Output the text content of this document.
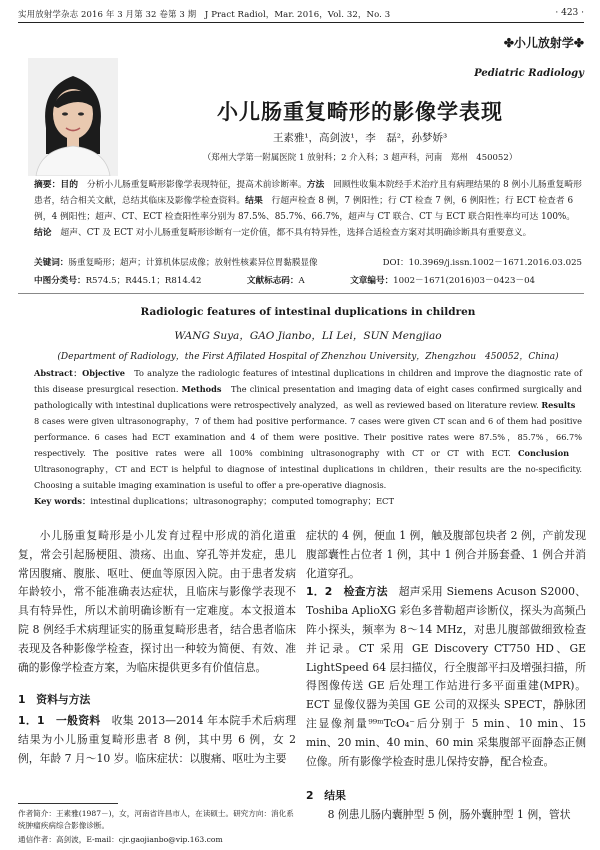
实用放射学杂志 2016 年 3 月第 32 卷第 3 期　J Pract Radiol，Mar. 2016，Vol. 32，No. 3	· 423 ·
✤小儿放射学✤
Pediatric Radiology
小儿肠重复畸形的影像学表现
王素雅¹，高剑波¹，李　磊²，孙梦娇³
（郑州大学第一附属医院 1 放射科；2 介入科；3 超声科，河南　郑州　450052）
摘要：目的　分析小儿肠重复畸形影像学表现特征，提高术前诊断率。方法　回顾性收集本院经手术治疗且有病理结果的 8 例小儿肠重复畸形患者，结合相关文献，总结其临床及影像学检查资料。结果　行超声检查 8 例，7 例阳性；行 CT 检查 7 例，6 例阳性；行 ECT 检查者 6 例，4 例阳性；超声、CT、ECT 检查阳性率分别为 87.5%、85.7%、66.7%，超声与 CT 联合、CT 与 ECT 联合阳性率均可达 100%。结论　超声、CT 及 ECT 对小儿肠重复畸形诊断有一定价值，都不具有特异性，选择合适检查方案对其明确诊断具有重要意义。
关键词：肠重复畸形；超声；计算机体层成像；放射性核素异位胃黏膜显像	DOI：10.3969/j.issn.1002－1671.2016.03.025
中图分类号：R574.5；R445.1；R814.42	文献标志码：A	文章编号：1002－1671(2016)03－0423－04
Radiologic features of intestinal duplications in children
WANG Suya，GAO Jianbo，LI Lei，SUN Mengjiao
(Department of Radiology，the First Affilated Hospital of Zhenzhou University，Zhengzhou　450052，China)
Abstract：Objective　To analyze the radiologic features of intestinal duplications in children and improve the diagnostic rate of this disease presurgical resection. Methods　The clinical presentation and imaging data of eight cases confirmed surgically and pathologically with intestinal duplications were retrospectively analyzed，as well as reviewed based on literature review. Results　8 cases were given ultrasonography，7 of them had positive performance. 7 cases were given CT scan and 6 of them had positive performance. 6 cases had ECT examination and 4 of them were positive. Their positive rates were 87.5%，85.7%，66.7% respectively. The positive rates were all 100% combining ultrasonography with CT or CT with ECT. Conclusion　Ultrasonography，CT and ECT is helpful to diagnose of intestinal duplications in children，their results are the no-specificity. Choosing a suitable imaging examination is useful to offer a pre-operative diagnosis.
Key words：intestinal duplications；ultrasonography；computed tomography；ECT

小儿肠重复畸形是小儿发育过程中形成的消化道重复，常会引起肠梗阻、溃疡、出血、穿孔等并发症，患儿常因腹痛、腹胀、呕吐、便血等原因入院。由于患者发病年龄较小，常不能准确表达症状，且临床与影像学表现不具有特异性，所以术前明确诊断有一定难度。本文报道本院 8 例经手术病理证实的肠重复畸形患者，结合患者临床表现及各种影像学检查，探讨出一种较为简便、有效、准确的影像学检查方案，为临床提供更多有价值信息。

1　资料与方法

1．1　一般资料　收集 2013—2014 年本院手术后病理结果为小儿肠重复畸形患者 8 例，其中男 6 例，女 2 例，年龄 7 月～10 岁。临床症状：以腹痛、呕吐为主要

症状的 4 例，便血 1 例，触及腹部包块者 2 例，产前发现腹部囊性占位者 1 例，其中 1 例合并肠套叠、1 例合并消化道穿孔。

1．2　检查方法　超声采用 Siemens Acuson S2000、Toshiba AplioXG 彩色多普勒超声诊断仪，探头为高频凸阵小探头，频率为 8～14 MHz，对患儿腹部做细致检查并记录。CT 采用 GE Discovery CT750 HD、GE LightSpeed 64 层扫描仪，行全腹部平扫及增强扫描，所得图像传送 GE 后处理工作站进行多平面重建(MPR)。ECT 显像仪器为美国 GE 公司的双探头 SPECT，静脉团注显像剂量⁹⁹ᵐTcO₄⁻后分别于 5 min、10 min、15 min、20 min、40 min、60 min 采集腹部平面静态正侧位像。所有影像学检查时患儿保持安静，配合检查。

2　结果

8 例患儿肠内囊肿型 5 例，肠外囊肿型 1 例，管状

作者简介：王素雅(1987－)，女，河南省许昌市人，在读硕士。研究方向：消化系统肿瘤疾病综合影像诊断。
通信作者：高剑波，E-mail：cjr.gaojianbo@vip.163.com
